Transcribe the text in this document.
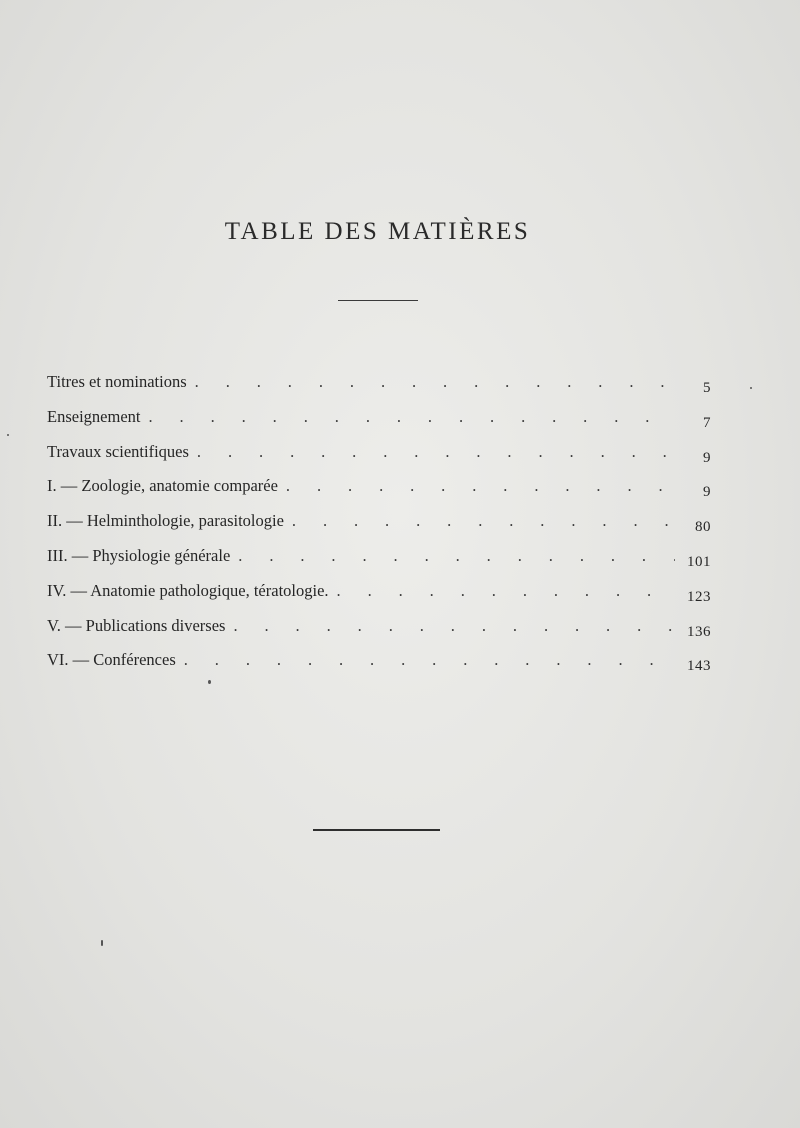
TABLE DES MATIÈRES
Titres et nominations . . .	5
Enseignement . . .	7
Travaux scientifiques . . .	9
I. — Zoologie, anatomie comparée . . .	9
II. — Helminthologie, parasitologie . . .	80
III. — Physiologie générale . . .	101
IV. — Anatomie pathologique, tératologie. . . .	123
V. — Publications diverses . . .	136
VI. — Conférences . . .	143
